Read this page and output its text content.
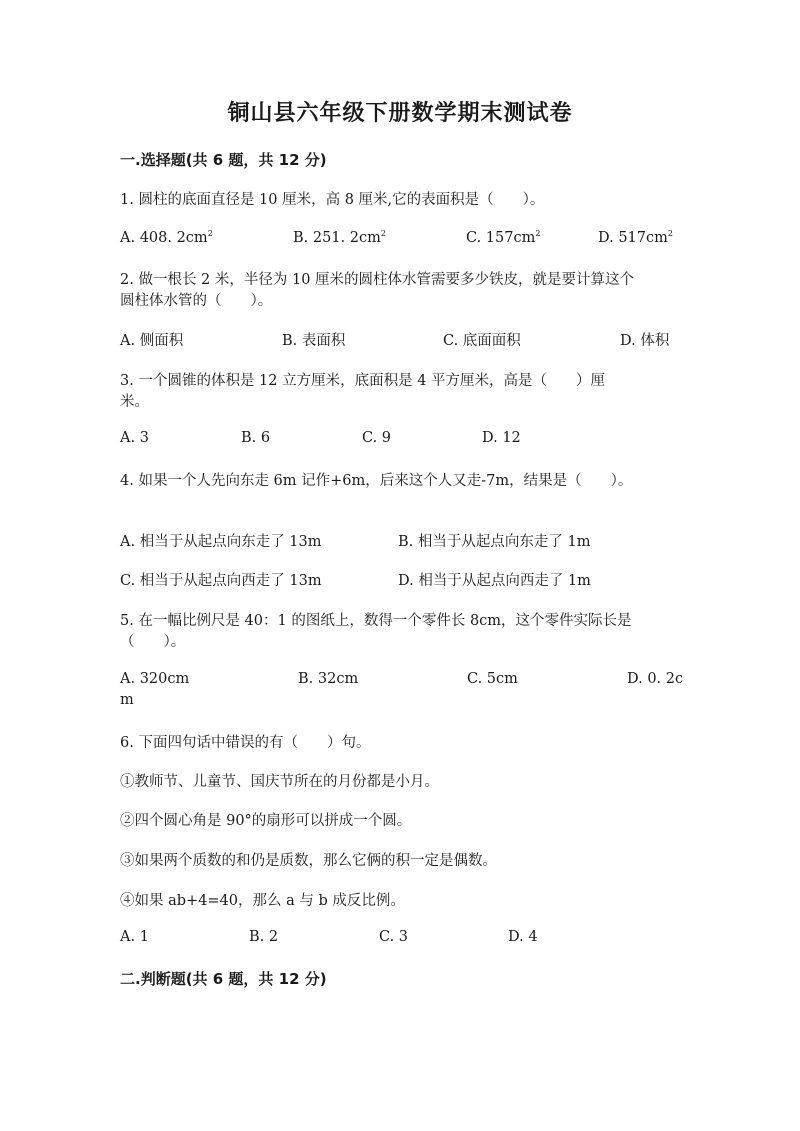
铜山县六年级下册数学期末测试卷
一.选择题(共 6 题，共 12 分)
1. 圆柱的底面直径是 10 厘米，高 8 厘米,它的表面积是（　　）。
A. 408. $2cm^2$	B. 251. $2cm^2$	C. $157cm^2$	D. $517cm^2$
2. 做一根长 2 米，半径为 10 厘米的圆柱体水管需要多少铁皮，就是要计算这个
圆柱体水管的（　　）。
A. 侧面积	B. 表面积	C. 底面面积	D. 体积
3. 一个圆锥的体积是 12 立方厘米，底面积是 4 平方厘米，高是（　　）厘
米。
A. 3	B. 6	C. 9	D. 12
4. 如果一个人先向东走 6m 记作+6m，后来这个人又走-7m，结果是（　　）。
A. 相当于从起点向东走了 13m	B. 相当于从起点向东走了 1m
C. 相当于从起点向西走了 13m	D. 相当于从起点向西走了 1m
5. 在一幅比例尺是 40：1 的图纸上，数得一个零件长 8cm，这个零件实际长是
（　　）。
A. 320cm	B. 32cm	C. 5cm	D. 0. 2c
m
6. 下面四句话中错误的有（　　）句。
①教师节、儿童节、国庆节所在的月份都是小月。
②四个圆心角是 90°的扇形可以拼成一个圆。
③如果两个质数的和仍是质数，那么它俩的积一定是偶数。
④如果 ab+4=40，那么 a 与 b 成反比例。
A. 1	B. 2	C. 3	D. 4
二.判断题(共 6 题，共 12 分)
